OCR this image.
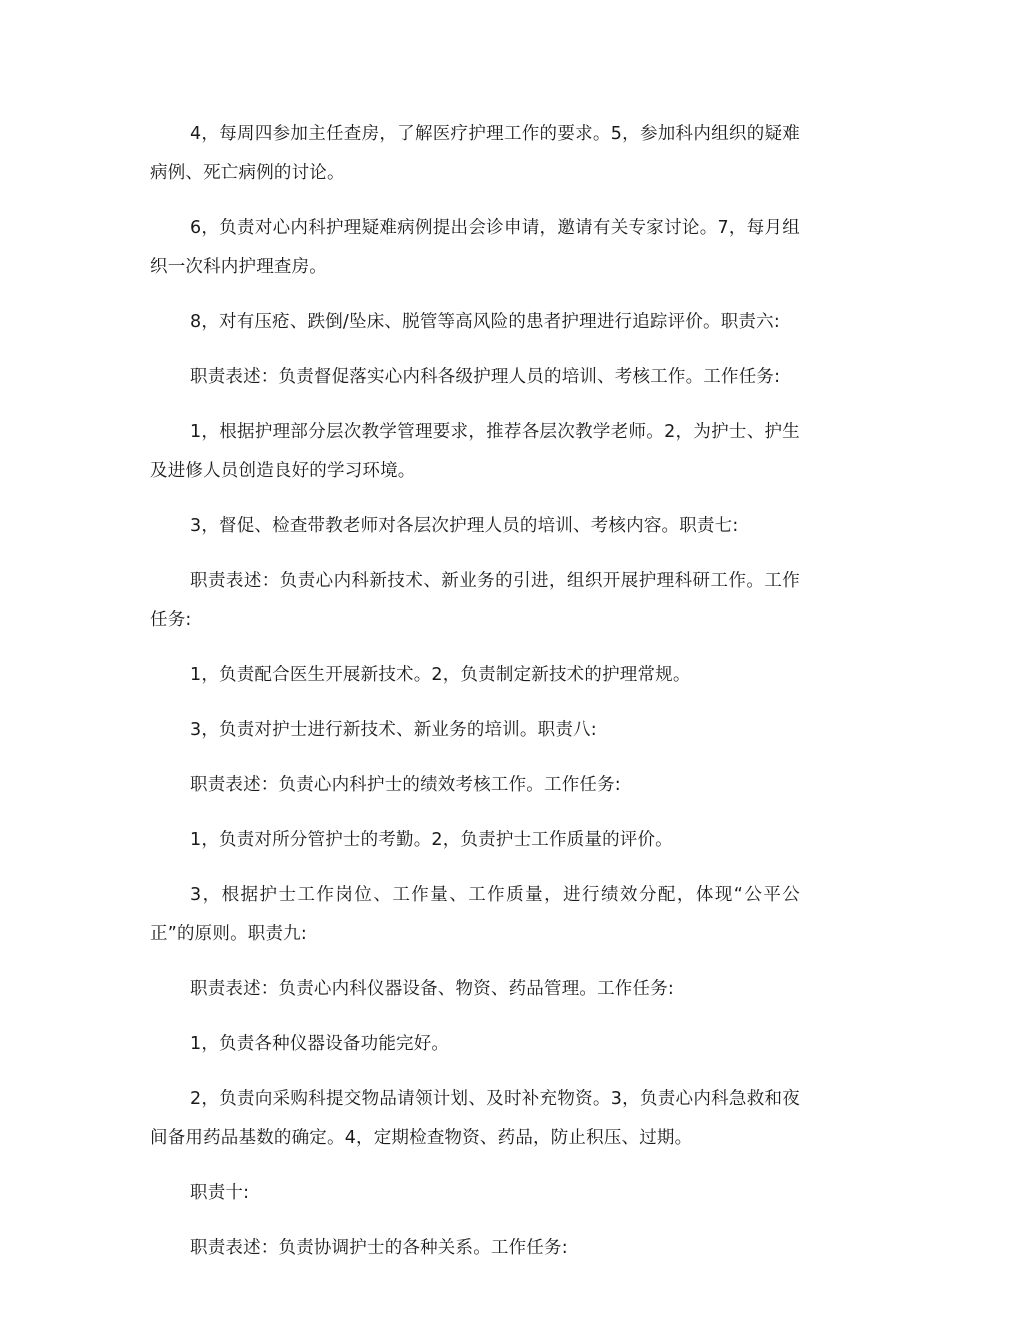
4，每周四参加主任查房，了解医疗护理工作的要求。5，参加科内组织的疑难病例、死亡病例的讨论。

6，负责对心内科护理疑难病例提出会诊申请，邀请有关专家讨论。7，每月组织一次科内护理查房。

8，对有压疮、跌倒/坠床、脱管等高风险的患者护理进行追踪评价。职责六:

职责表述：负责督促落实心内科各级护理人员的培训、考核工作。工作任务:

1，根据护理部分层次教学管理要求，推荐各层次教学老师。2，为护士、护生及进修人员创造良好的学习环境。

3，督促、检查带教老师对各层次护理人员的培训、考核内容。职责七:

职责表述：负责心内科新技术、新业务的引进，组织开展护理科研工作。工作任务:

1，负责配合医生开展新技术。2，负责制定新技术的护理常规。

3，负责对护士进行新技术、新业务的培训。职责八:

职责表述：负责心内科护士的绩效考核工作。工作任务:

1，负责对所分管护士的考勤。2，负责护士工作质量的评价。

3，根据护士工作岗位、工作量、工作质量，进行绩效分配，体现“公平公正”的原则。职责九:

职责表述：负责心内科仪器设备、物资、药品管理。工作任务:

1，负责各种仪器设备功能完好。

2，负责向采购科提交物品请领计划、及时补充物资。3，负责心内科急救和夜间备用药品基数的确定。4，定期检查物资、药品，防止积压、过期。

职责十:

职责表述：负责协调护士的各种关系。工作任务:
